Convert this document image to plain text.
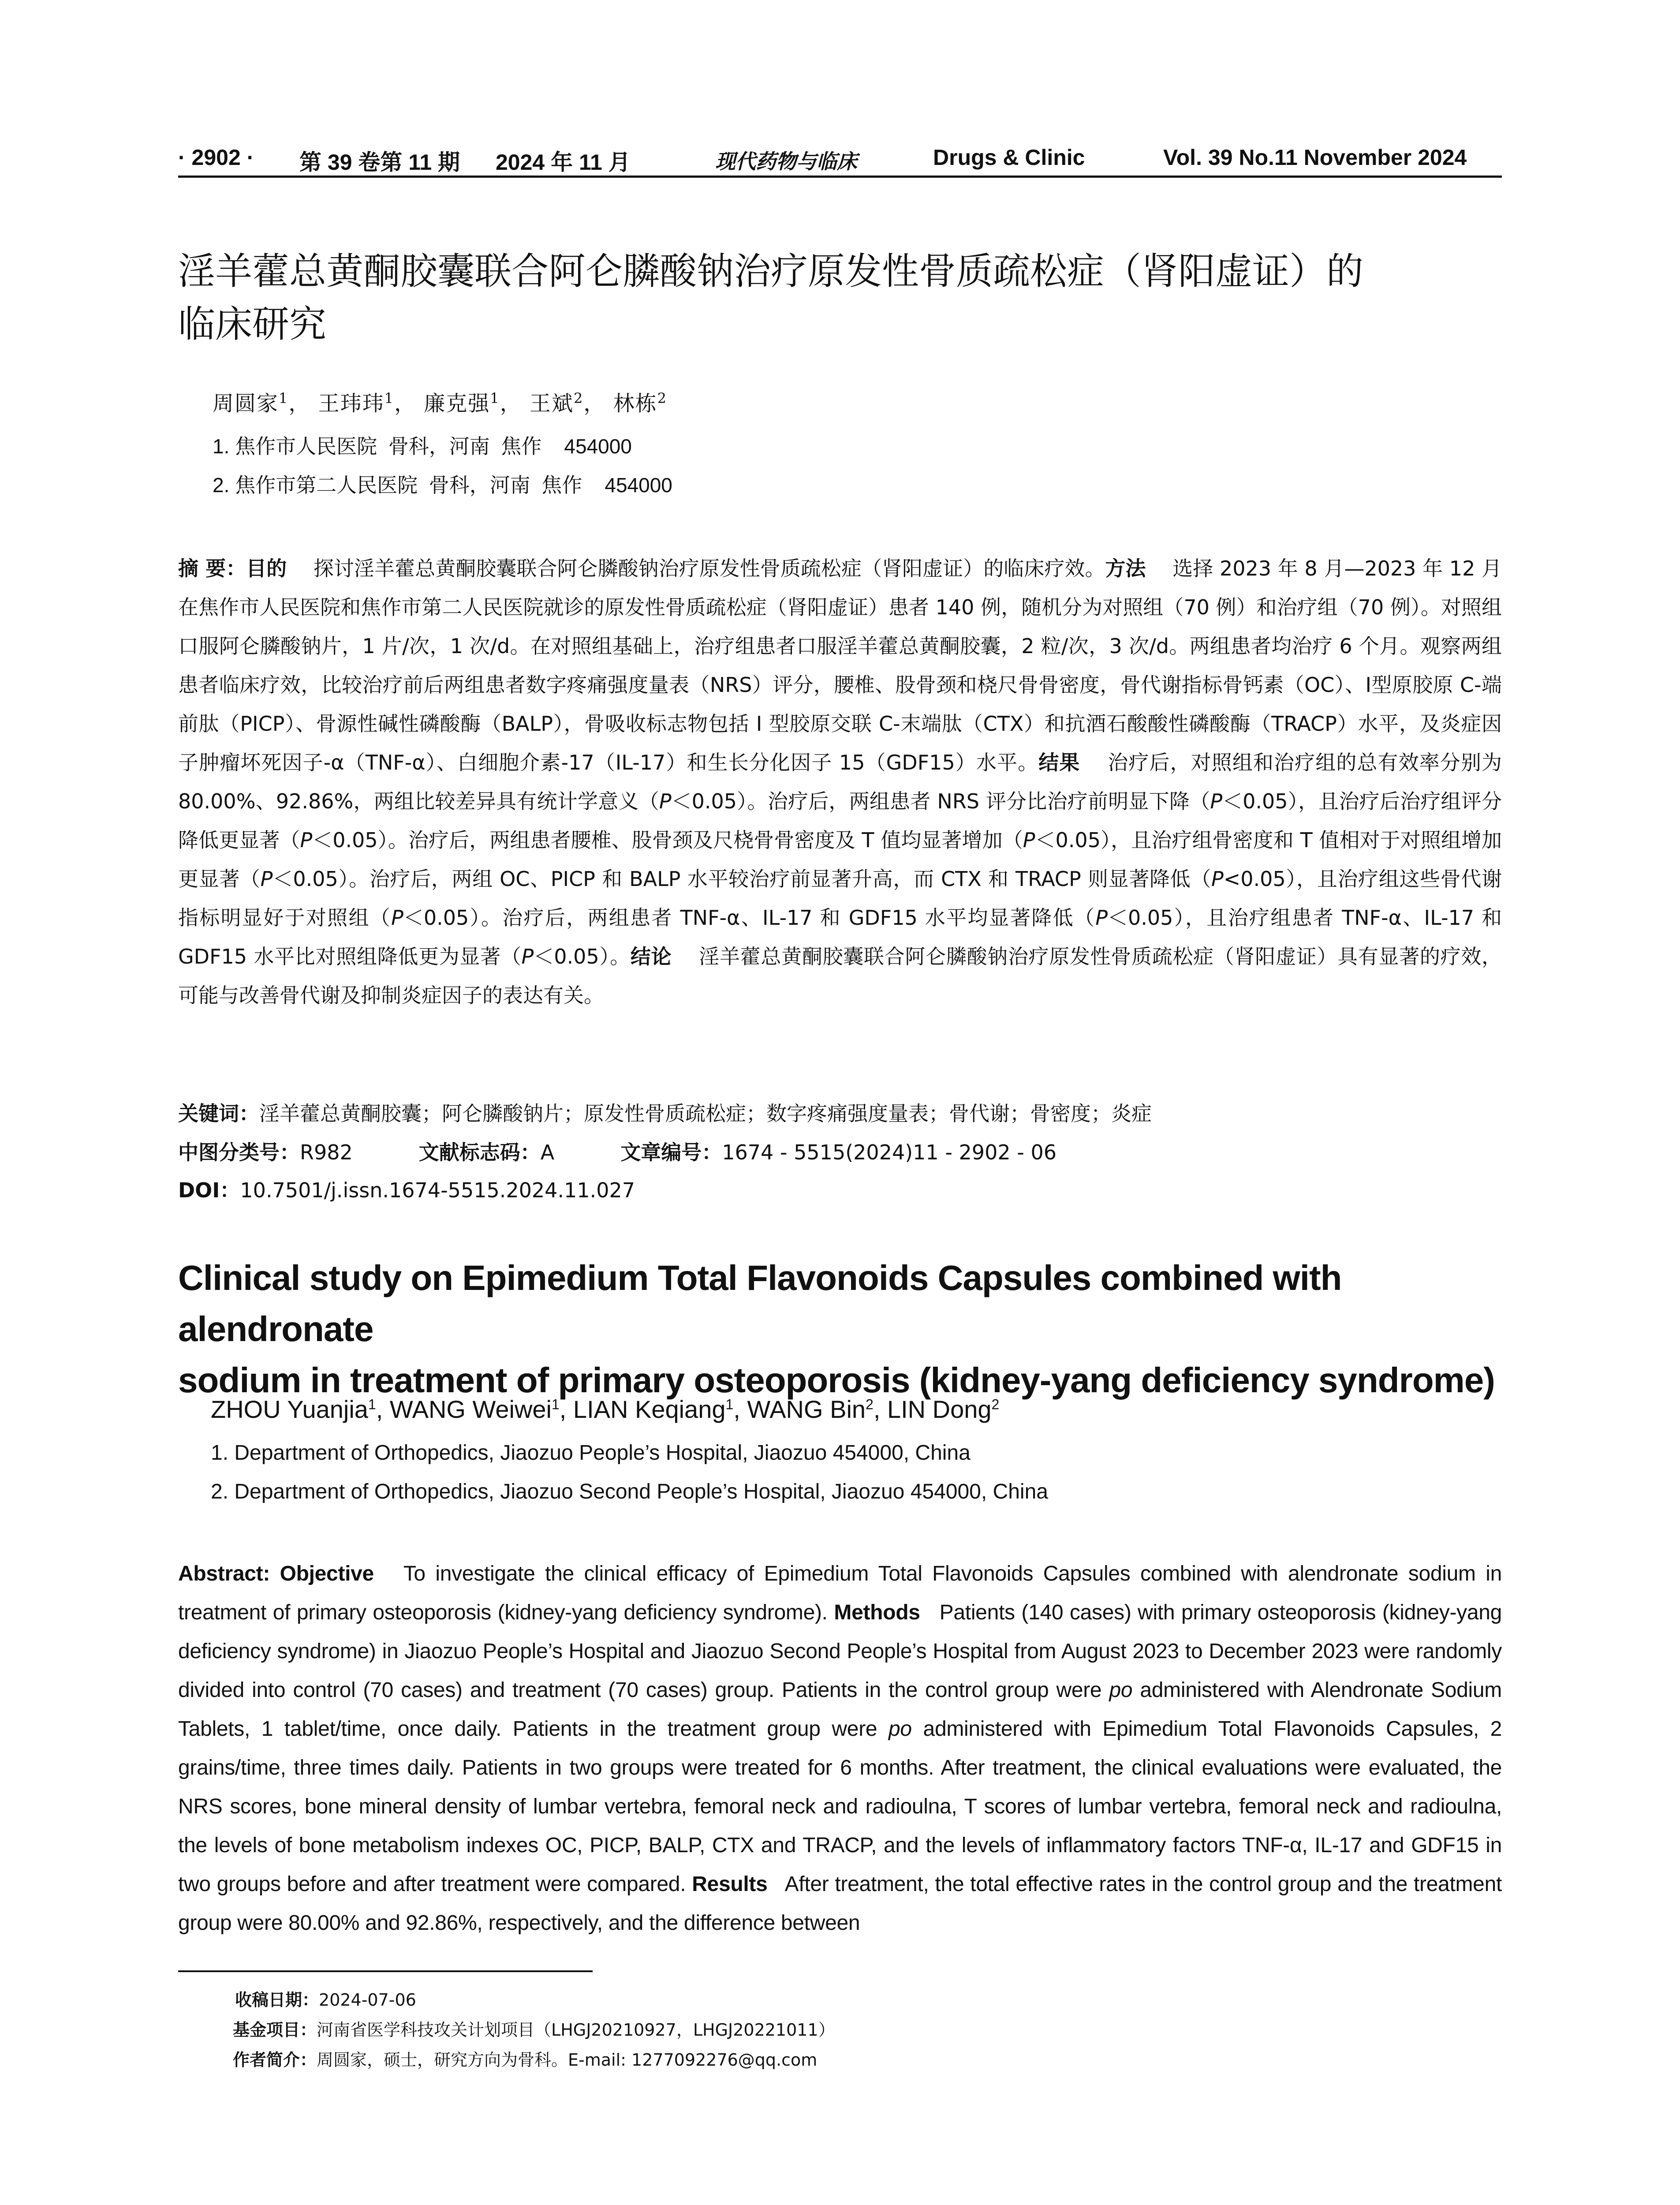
· 2902 · 第 39 卷第 11 期 2024 年 11 月	现代药物与临床	Drugs & Clinic	Vol. 39 No.11 November 2024
淫羊藿总黄酮胶囊联合阿仑膦酸钠治疗原发性骨质疏松症（肾阳虚证）的
临床研究
周圆家$^1$， 王玮玮$^1$， 廉克强$^1$， 王斌$^2$， 林栋$^2$
1. 焦作市人民医院  骨科，河南  焦作    454000
2. 焦作市第二人民医院  骨科，河南  焦作    454000
摘 要：目的　 探讨淫羊藿总黄酮胶囊联合阿仑膦酸钠治疗原发性骨质疏松症（肾阳虚证）的临床疗效。方法　 选择 2023 年 8 月—2023 年 12 月在焦作市人民医院和焦作市第二人民医院就诊的原发性骨质疏松症（肾阳虚证）患者 140 例，随机分为对照组（70 例）和治疗组（70 例）。对照组口服阿仑膦酸钠片，1 片/次，1 次/d。在对照组基础上，治疗组患者口服淫羊藿总黄酮胶囊，2 粒/次，3 次/d。两组患者均治疗 6 个月。观察两组患者临床疗效，比较治疗前后两组患者数字疼痛强度量表（NRS）评分，腰椎、股骨颈和桡尺骨骨密度，骨代谢指标骨钙素（OC）、Ⅰ型原胶原 C-端前肽（PICP）、骨源性碱性磷酸酶（BALP），骨吸收标志物包括 I 型胶原交联 C-末端肽（CTX）和抗酒石酸酸性磷酸酶（TRACP）水平，及炎症因子肿瘤坏死因子-α（TNF-α）、白细胞介素-17（IL-17）和生长分化因子 15（GDF15）水平。结果　 治疗后，对照组和治疗组的总有效率分别为 80.00%、92.86%，两组比较差异具有统计学意义（P＜0.05）。治疗后，两组患者 NRS 评分比治疗前明显下降（P＜0.05），且治疗后治疗组评分降低更显著（P＜0.05）。治疗后，两组患者腰椎、股骨颈及尺桡骨骨密度及 T 值均显著增加（P＜0.05），且治疗组骨密度和 T 值相对于对照组增加更显著（P＜0.05）。治疗后，两组 OC、PICP 和 BALP 水平较治疗前显著升高，而 CTX 和 TRACP 则显著降低（P<0.05），且治疗组这些骨代谢指标明显好于对照组（P＜0.05）。治疗后，两组患者 TNF-α、IL-17 和 GDF15 水平均显著降低（P＜0.05），且治疗组患者 TNF-α、IL-17 和 GDF15 水平比对照组降低更为显著（P＜0.05）。结论　 淫羊藿总黄酮胶囊联合阿仑膦酸钠治疗原发性骨质疏松症（肾阳虚证）具有显著的疗效，可能与改善骨代谢及抑制炎症因子的表达有关。
关键词：淫羊藿总黄酮胶囊；阿仑膦酸钠片；原发性骨质疏松症；数字疼痛强度量表；骨代谢；骨密度；炎症
中图分类号：R982	文献标志码：A	文章编号：1674 - 5515(2024)11 - 2902 - 06
DOI：10.7501/j.issn.1674-5515.2024.11.027
Clinical study on Epimedium Total Flavonoids Capsules combined with alendronate
sodium in treatment of primary osteoporosis (kidney-yang deficiency syndrome)
ZHOU Yuanjia$^1$, WANG Weiwei$^1$, LIAN Keqiang$^1$, WANG Bin$^2$, LIN Dong$^2$
1. Department of Orthopedics, Jiaozuo People’s Hospital, Jiaozuo 454000, China
2. Department of Orthopedics, Jiaozuo Second People’s Hospital, Jiaozuo 454000, China
Abstract: Objective To investigate the clinical efficacy of Epimedium Total Flavonoids Capsules combined with alendronate sodium in treatment of primary osteoporosis (kidney-yang deficiency syndrome). Methods Patients (140 cases) with primary osteoporosis (kidney-yang deficiency syndrome) in Jiaozuo People’s Hospital and Jiaozuo Second People’s Hospital from August 2023 to December 2023 were randomly divided into control (70 cases) and treatment (70 cases) group. Patients in the control group were po administered with Alendronate Sodium Tablets, 1 tablet/time, once daily. Patients in the treatment group were po administered with Epimedium Total Flavonoids Capsules, 2 grains/time, three times daily. Patients in two groups were treated for 6 months. After treatment, the clinical evaluations were evaluated, the NRS scores, bone mineral density of lumbar vertebra, femoral neck and radioulna, T scores of lumbar vertebra, femoral neck and radioulna, the levels of bone metabolism indexes OC, PICP, BALP, CTX and TRACP, and the levels of inflammatory factors TNF-α, IL-17 and GDF15 in two groups before and after treatment were compared. Results After treatment, the total effective rates in the control group and the treatment group were 80.00% and 92.86%, respectively, and the difference between
收稿日期：2024-07-06
基金项目：河南省医学科技攻关计划项目（LHGJ20210927，LHGJ20221011）
作者简介：周圆家，硕士，研究方向为骨科。E-mail: 1277092276@qq.com
